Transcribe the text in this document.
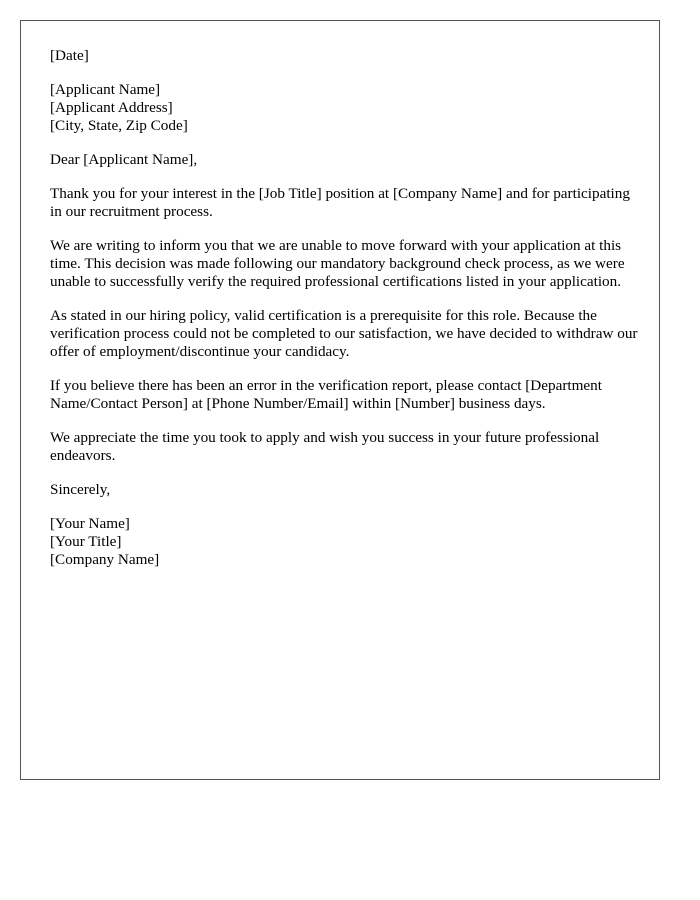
[Date]
[Applicant Name]
[Applicant Address]
[City, State, Zip Code]

Dear [Applicant Name],

Thank you for your interest in the [Job Title] position at [Company Name] and for participating in our recruitment process.

We are writing to inform you that we are unable to move forward with your application at this time. This decision was made following our mandatory background check process, as we were unable to successfully verify the required professional certifications listed in your application.

As stated in our hiring policy, valid certification is a prerequisite for this role. Because the verification process could not be completed to our satisfaction, we have decided to withdraw our offer of employment/discontinue your candidacy.

If you believe there has been an error in the verification report, please contact [Department Name/Contact Person] at [Phone Number/Email] within [Number] business days.

We appreciate the time you took to apply and wish you success in your future professional endeavors.

Sincerely,

[Your Name]
[Your Title]
[Company Name]
